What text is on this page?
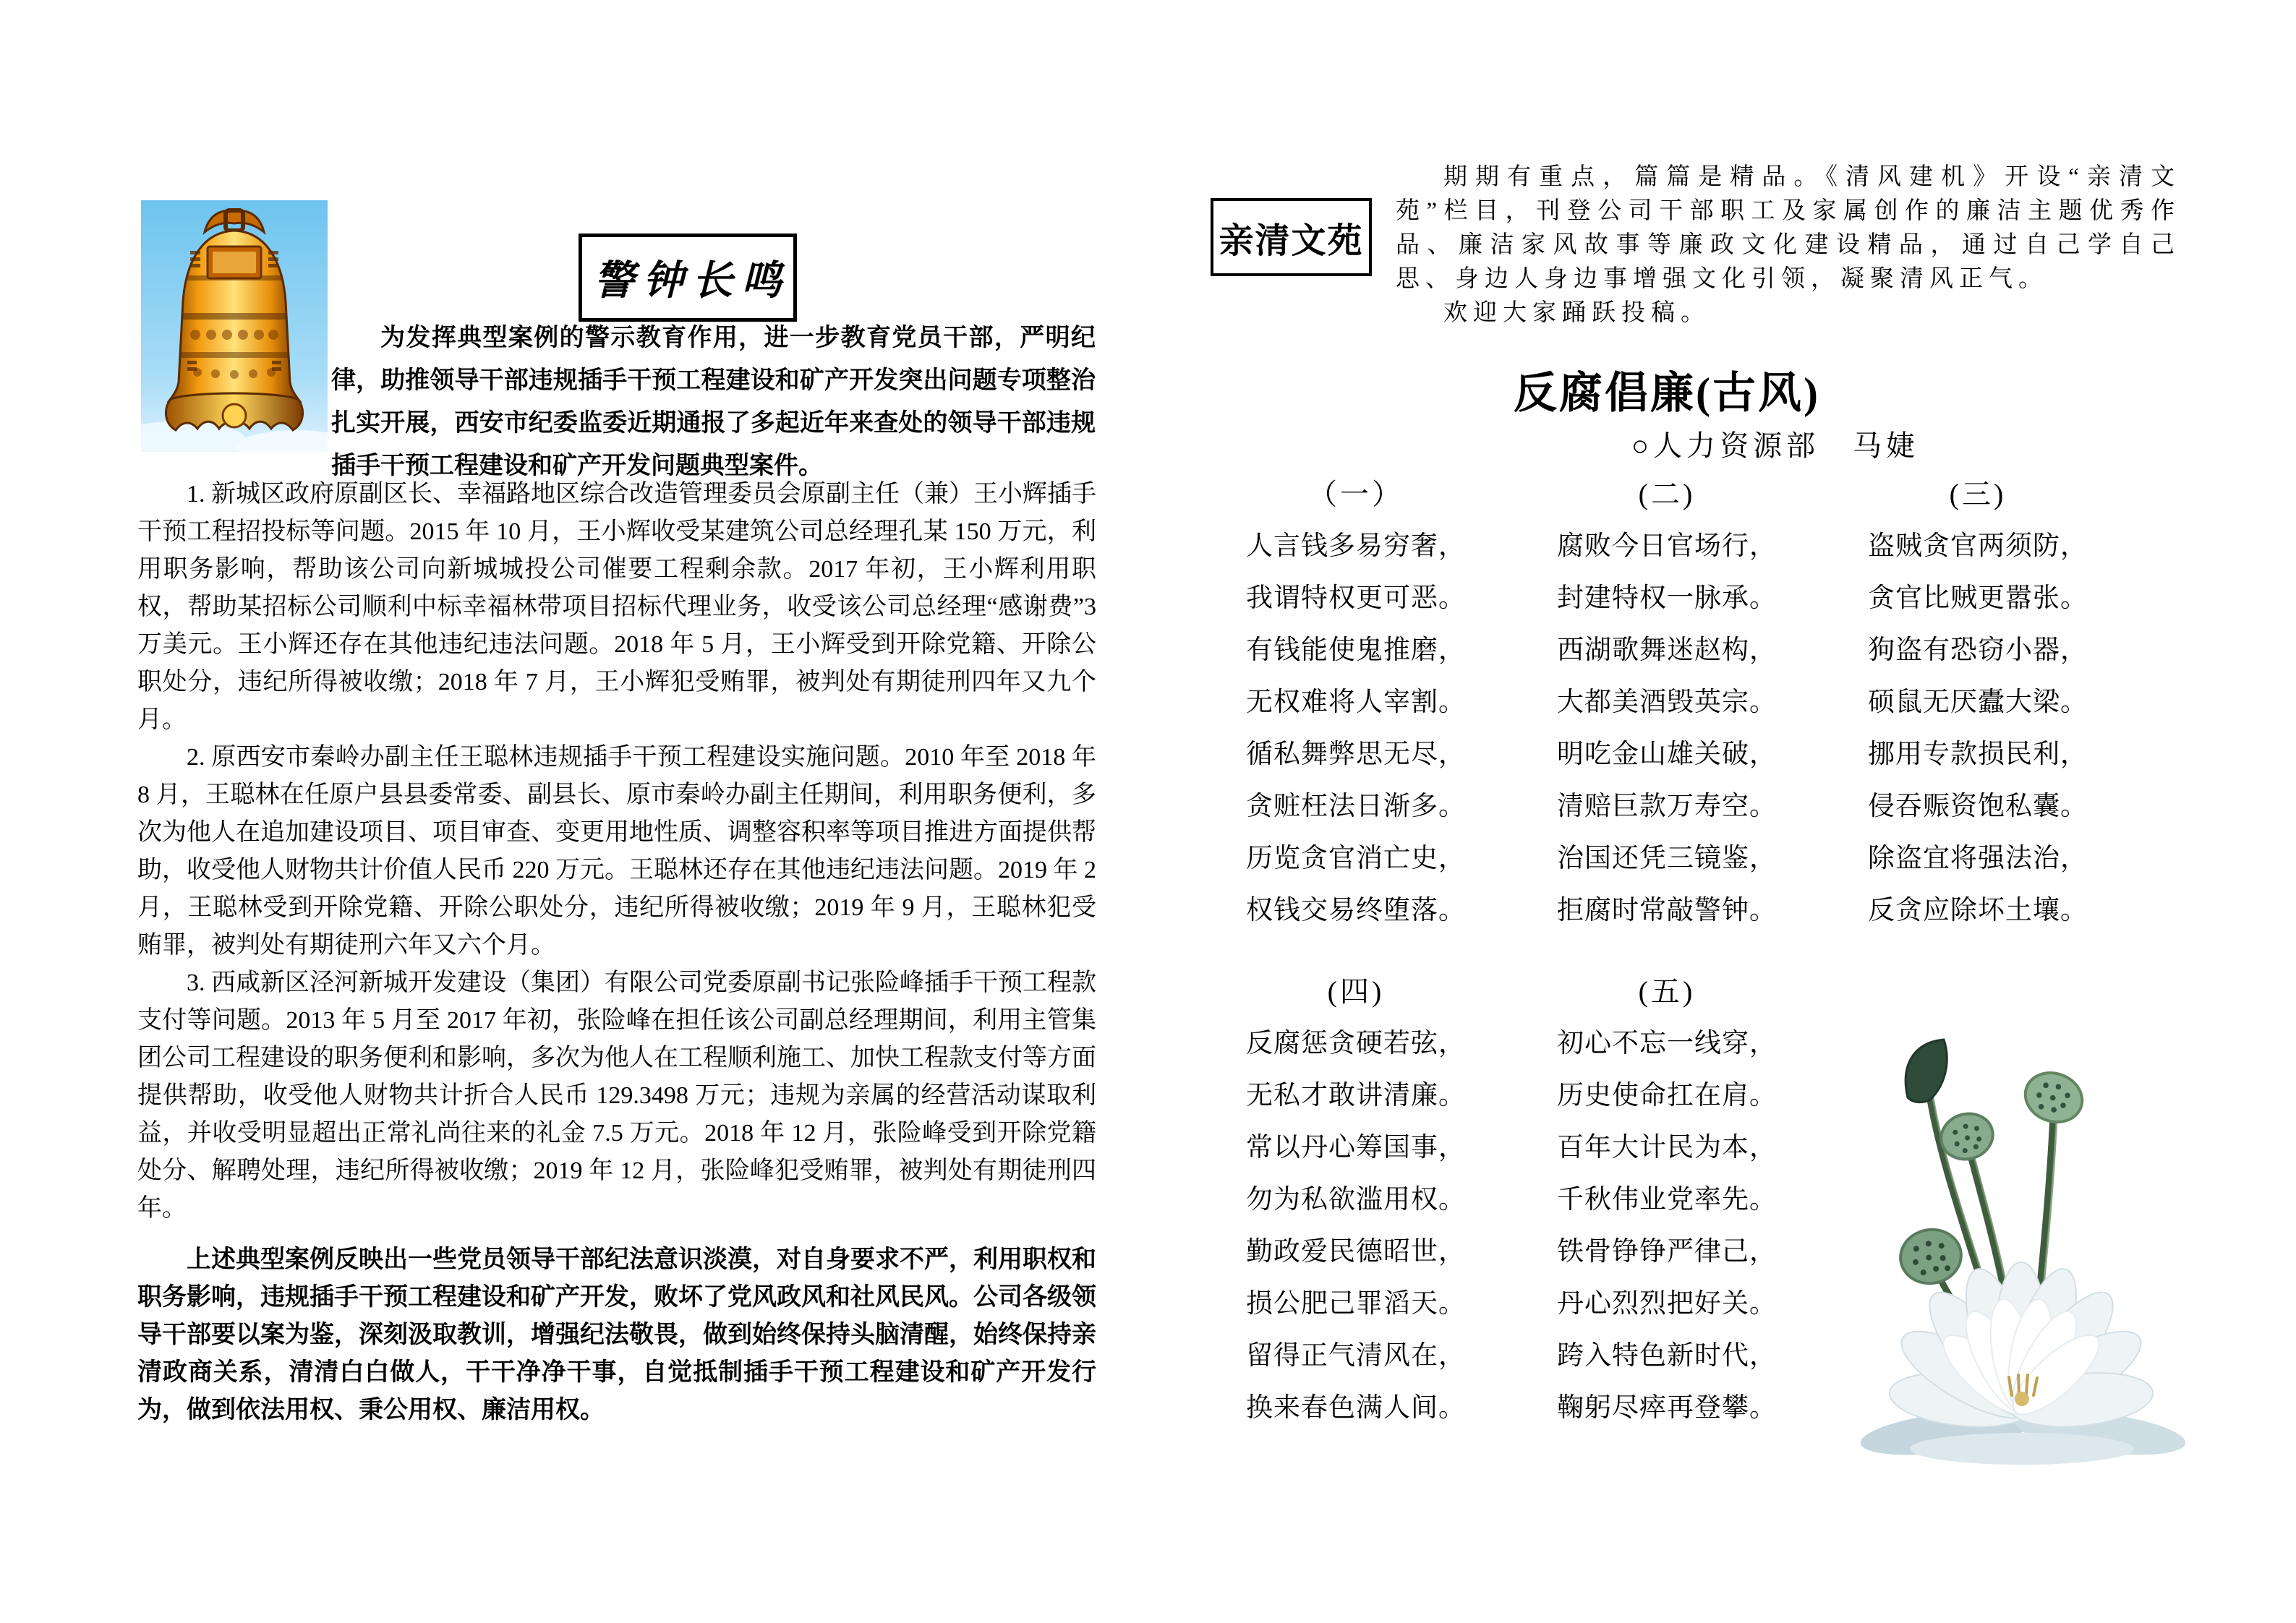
警钟长鸣

为发挥典型案例的警示教育作用，进一步教育党员干部，严明纪律，助推领导干部违规插手干预工程建设和矿产开发突出问题专项整治扎实开展，西安市纪委监委近期通报了多起近年来查处的领导干部违规插手干预工程建设和矿产开发问题典型案件。

1. 新城区政府原副区长、幸福路地区综合改造管理委员会原副主任（兼）王小辉插手干预工程招投标等问题。2015 年 10 月，王小辉收受某建筑公司总经理孔某 150 万元，利用职务影响，帮助该公司向新城城投公司催要工程剩余款。2017 年初，王小辉利用职权，帮助某招标公司顺利中标幸福林带项目招标代理业务，收受该公司总经理“感谢费”3 万美元。王小辉还存在其他违纪违法问题。2018 年 5 月，王小辉受到开除党籍、开除公职处分，违纪所得被收缴；2018 年 7 月，王小辉犯受贿罪，被判处有期徒刑四年又九个月。

2. 原西安市秦岭办副主任王聪林违规插手干预工程建设实施问题。2010 年至 2018 年 8 月，王聪林在任原户县县委常委、副县长、原市秦岭办副主任期间，利用职务便利，多次为他人在追加建设项目、项目审查、变更用地性质、调整容积率等项目推进方面提供帮助，收受他人财物共计价值人民币 220 万元。王聪林还存在其他违纪违法问题。2019 年 2 月，王聪林受到开除党籍、开除公职处分，违纪所得被收缴；2019 年 9 月，王聪林犯受贿罪，被判处有期徒刑六年又六个月。

3. 西咸新区泾河新城开发建设（集团）有限公司党委原副书记张险峰插手干预工程款支付等问题。2013 年 5 月至 2017 年初，张险峰在担任该公司副总经理期间，利用主管集团公司工程建设的职务便利和影响，多次为他人在工程顺利施工、加快工程款支付等方面提供帮助，收受他人财物共计折合人民币 129.3498 万元；违规为亲属的经营活动谋取利益，并收受明显超出正常礼尚往来的礼金 7.5 万元。2018 年 12 月，张险峰受到开除党籍处分、解聘处理，违纪所得被收缴；2019 年 12 月，张险峰犯受贿罪，被判处有期徒刑四年。

上述典型案例反映出一些党员领导干部纪法意识淡漠，对自身要求不严，利用职权和职务影响，违规插手干预工程建设和矿产开发，败坏了党风政风和社风民风。公司各级领导干部要以案为鉴，深刻汲取教训，增强纪法敬畏，做到始终保持头脑清醒，始终保持亲清政商关系，清清白白做人，干干净净干事，自觉抵制插手干预工程建设和矿产开发行为，做到依法用权、秉公用权、廉洁用权。

亲清文苑

期期有重点，篇篇是精品。《清风建机》开设“亲清文苑”栏目，刊登公司干部职工及家属创作的廉洁主题优秀作品、廉洁家风故事等廉政文化建设精品，通过自己学自己思、身边人身边事增强文化引领，凝聚清风正气。

欢迎大家踊跃投稿。

反腐倡廉(古风)
○人力资源部　马婕
（一）
人言钱多易穷奢，
我谓特权更可恶。
有钱能使鬼推磨，
无权难将人宰割。
循私舞弊思无尽，
贪赃枉法日渐多。
历览贪官消亡史，
权钱交易终堕落。
(二)
腐败今日官场行，
封建特权一脉承。
西湖歌舞迷赵构，
大都美酒毁英宗。
明吃金山雄关破，
清赔巨款万寿空。
治国还凭三镜鉴，
拒腐时常敲警钟。
(三)
盗贼贪官两须防，
贪官比贼更嚣张。
狗盗有恐窃小器，
硕鼠无厌蠹大梁。
挪用专款损民利，
侵吞赈资饱私囊。
除盗宜将强法治，
反贪应除坏土壤。
(四)
反腐惩贪硬若弦，
无私才敢讲清廉。
常以丹心筹国事，
勿为私欲滥用权。
勤政爱民德昭世，
损公肥己罪滔天。
留得正气清风在，
换来春色满人间。
(五)
初心不忘一线穿，
历史使命扛在肩。
百年大计民为本，
千秋伟业党率先。
铁骨铮铮严律己，
丹心烈烈把好关。
跨入特色新时代，
鞠躬尽瘁再登攀。
